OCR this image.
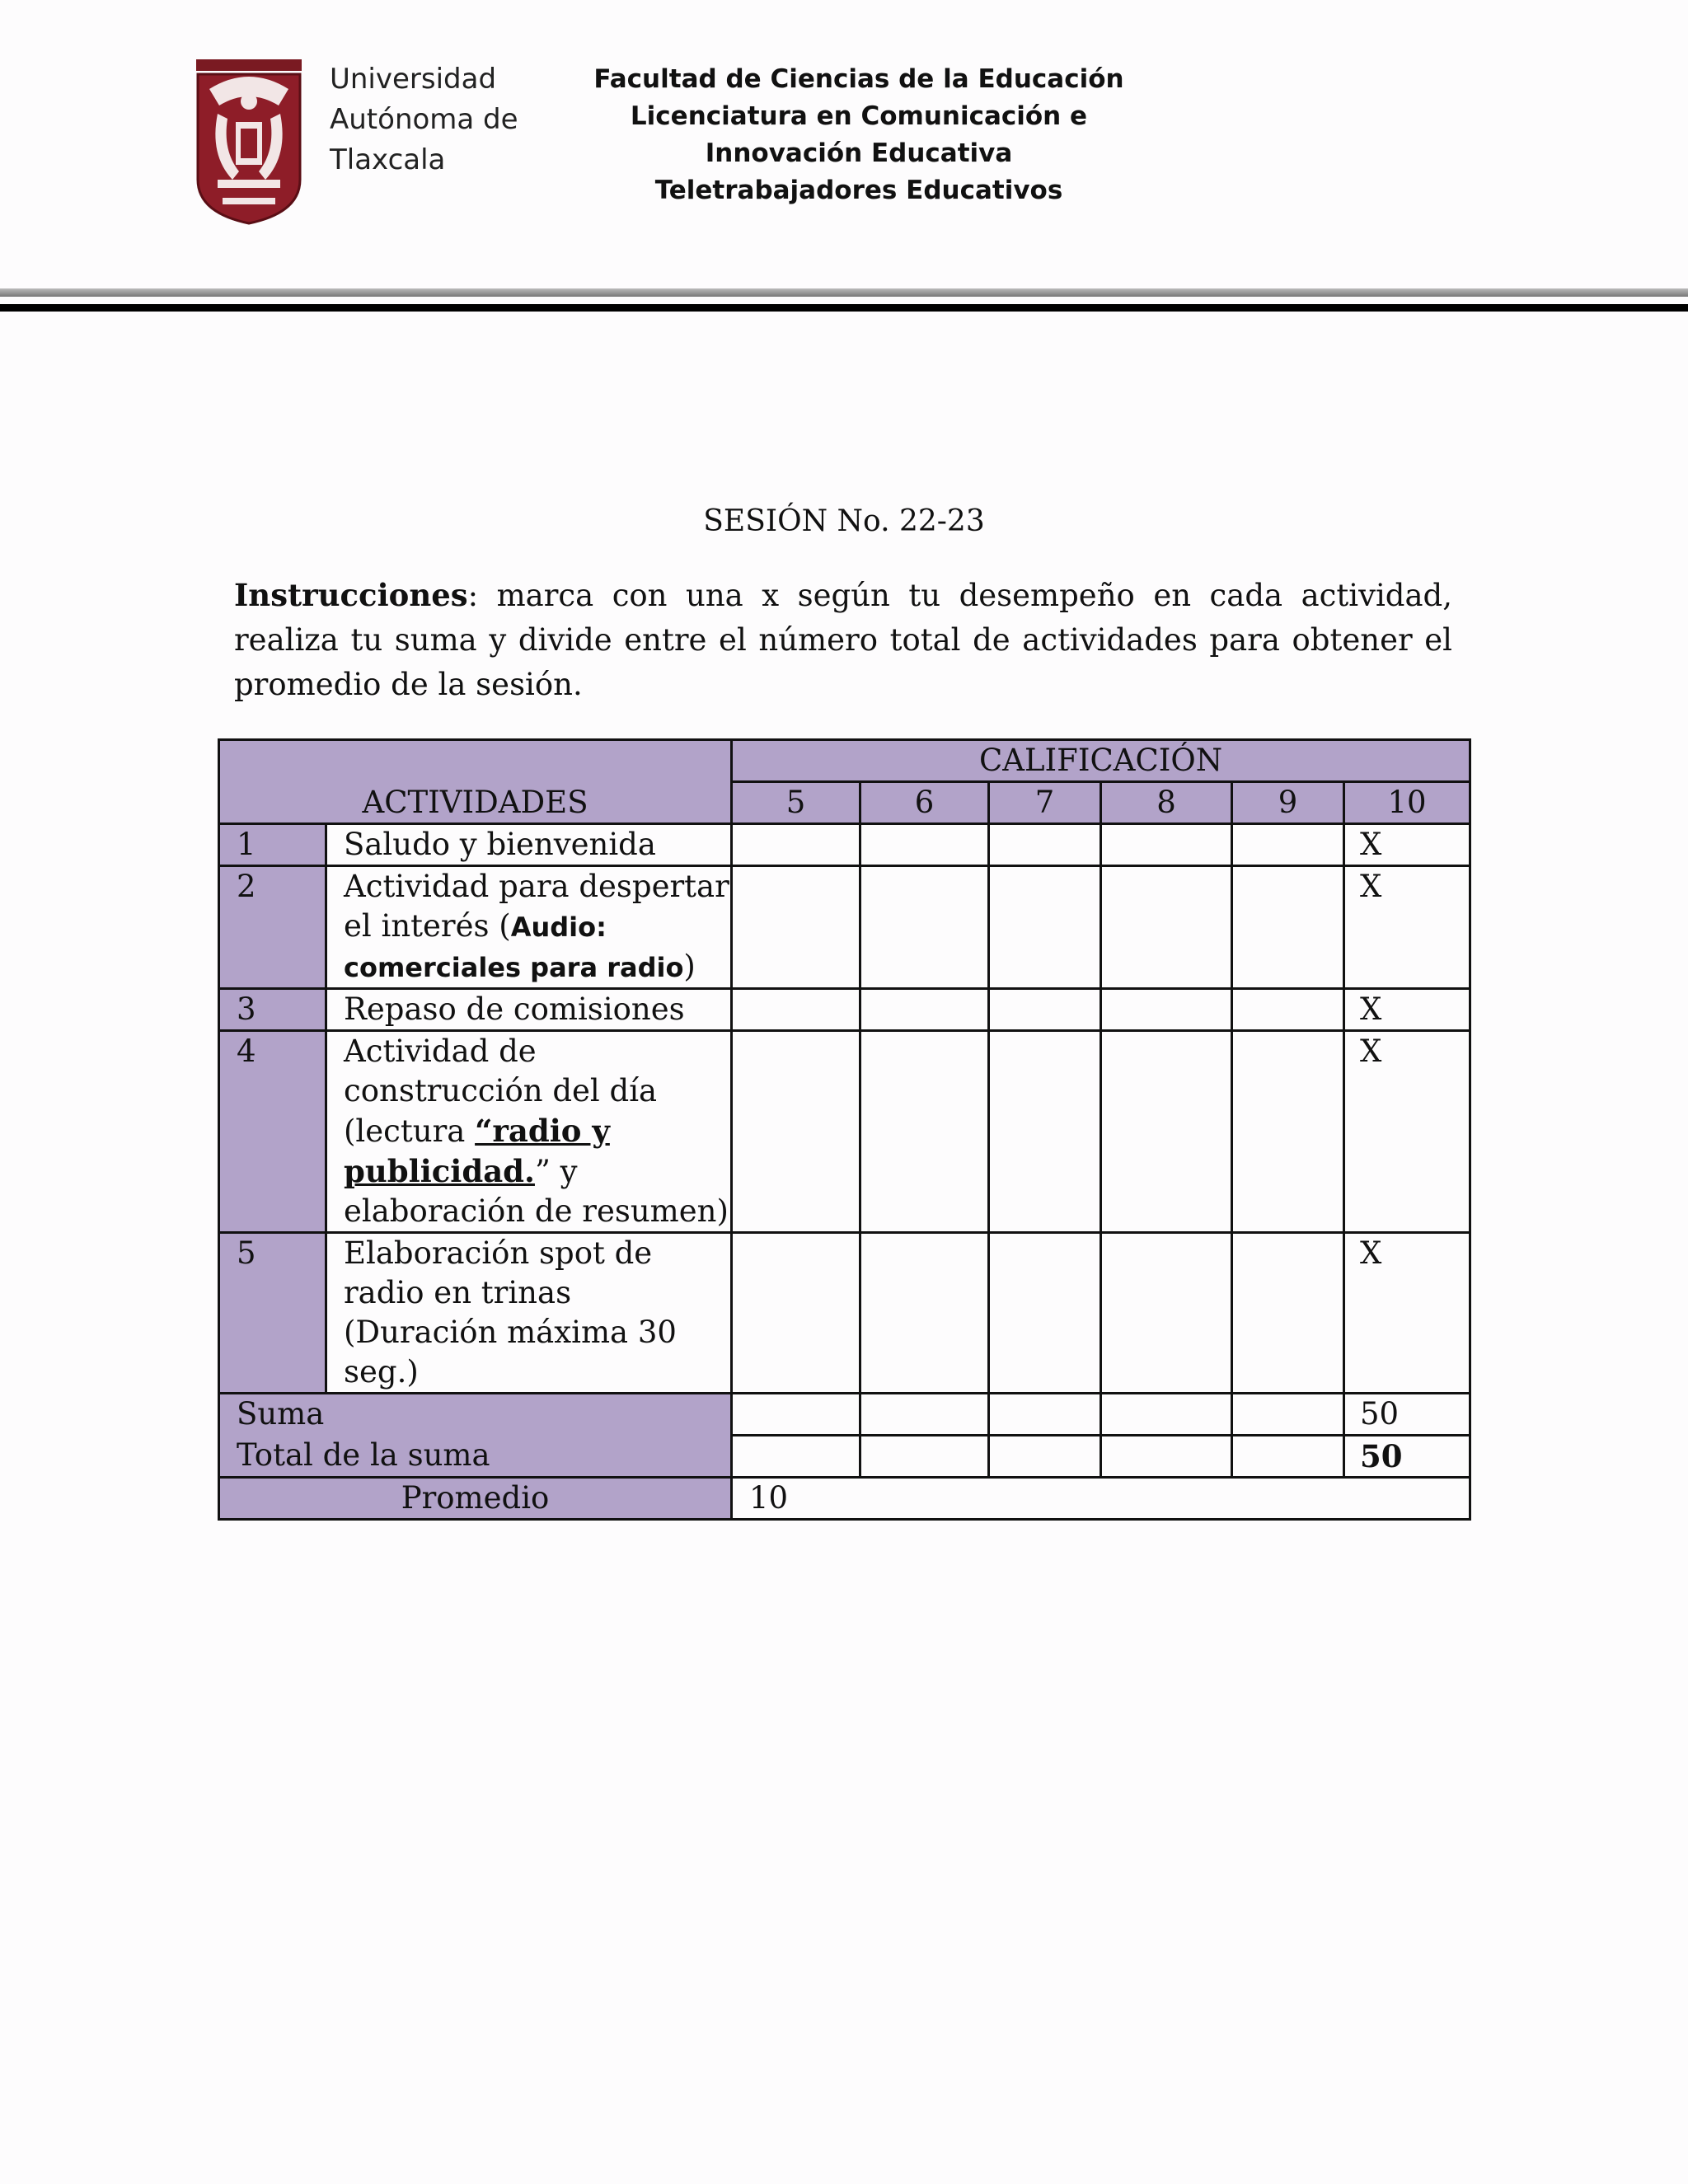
Universidad
Autónoma de
Tlaxcala
Facultad de Ciencias de la Educación
Licenciatura en Comunicación e
Innovación Educativa
Teletrabajadores Educativos
SESIÓN No. 22-23
Instrucciones: marca con una x según tu desempeño en cada actividad, realiza tu suma y divide entre el número total de actividades para obtener el promedio de la sesión.
ACTIVIDADES		CALIFICACIÓN					
		5	6	7	8	9	10
1	Saludo y bienvenida						X
2	Actividad para despertar el interés (Audio: comerciales para radio)						X
3	Repaso de comisiones						X
4	Actividad de construcción del día (lectura “radio y publicidad.” y elaboración de resumen)						X
5	Elaboración spot de radio en trinas (Duración máxima 30 seg.)						X
Suma							50
Total de la suma							50
Promedio		10					
